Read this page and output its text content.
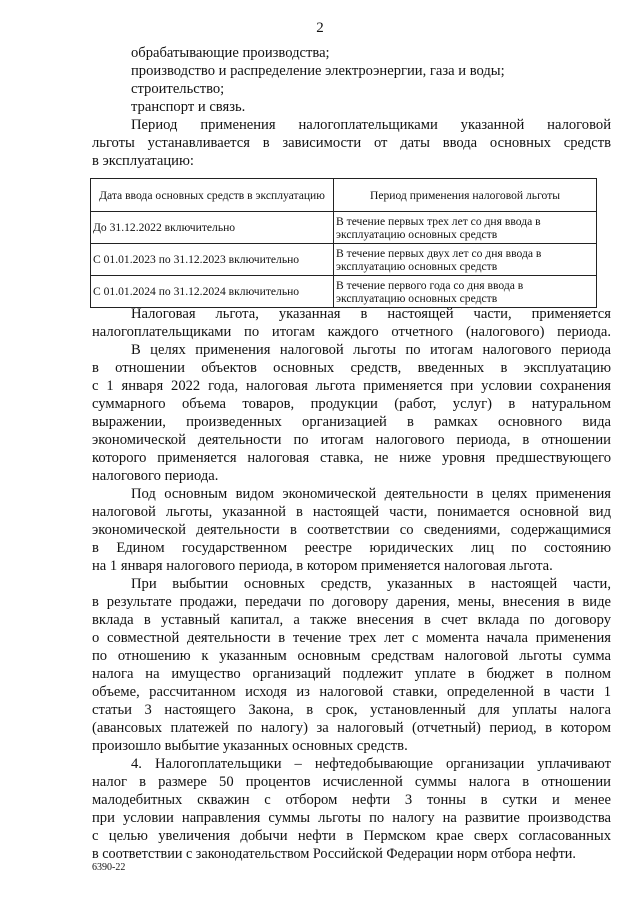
2
обрабатывающие производства;
производство и распределение электроэнергии, газа и воды;
строительство;
транспорт и связь.
Период применения налогоплательщиками указанной налоговой
льготы устанавливается в зависимости от даты ввода основных средств
в эксплуатацию:
Дата ввода основных средств в эксплуатацию	Период применения налоговой льготы
До 31.12.2022 включительно	В течение первых трех лет со дня ввода в эксплуатацию основных средств
С 01.01.2023 по 31.12.2023 включительно	В течение первых двух лет со дня ввода в эксплуатацию основных средств
С 01.01.2024 по 31.12.2024 включительно	В течение первого года со дня ввода в эксплуатацию основных средств
Налоговая льгота, указанная в настоящей части, применяется
налогоплательщиками по итогам каждого отчетного (налогового) периода.
В целях применения налоговой льготы по итогам налогового периода
в отношении объектов основных средств, введенных в эксплуатацию
с 1 января 2022 года, налоговая льгота применяется при условии сохранения
суммарного объема товаров, продукции (работ, услуг) в натуральном
выражении, произведенных организацией в рамках основного вида
экономической деятельности по итогам налогового периода, в отношении
которого применяется налоговая ставка, не ниже уровня предшествующего
налогового периода.
Под основным видом экономической деятельности в целях применения
налоговой льготы, указанной в настоящей части, понимается основной вид
экономической деятельности в соответствии со сведениями, содержащимися
в Едином государственном реестре юридических лиц по состоянию
на 1 января налогового периода, в котором применяется налоговая льгота.
При выбытии основных средств, указанных в настоящей части,
в результате продажи, передачи по договору дарения, мены, внесения в виде
вклада в уставный капитал, а также внесения в счет вклада по договору
о совместной деятельности в течение трех лет с момента начала применения
по отношению к указанным основным средствам налоговой льготы сумма
налога на имущество организаций подлежит уплате в бюджет в полном
объеме, рассчитанном исходя из налоговой ставки, определенной в части 1
статьи 3 настоящего Закона, в срок, установленный для уплаты налога
(авансовых платежей по налогу) за налоговый (отчетный) период, в котором
произошло выбытие указанных основных средств.
4. Налогоплательщики – нефтедобывающие организации уплачивают
налог в размере 50 процентов исчисленной суммы налога в отношении
малодебитных скважин с отбором нефти 3 тонны в сутки и менее
при условии направления суммы льготы по налогу на развитие производства
с целью увеличения добычи нефти в Пермском крае сверх согласованных
в соответствии с законодательством Российской Федерации норм отбора нефти.
6390-22
